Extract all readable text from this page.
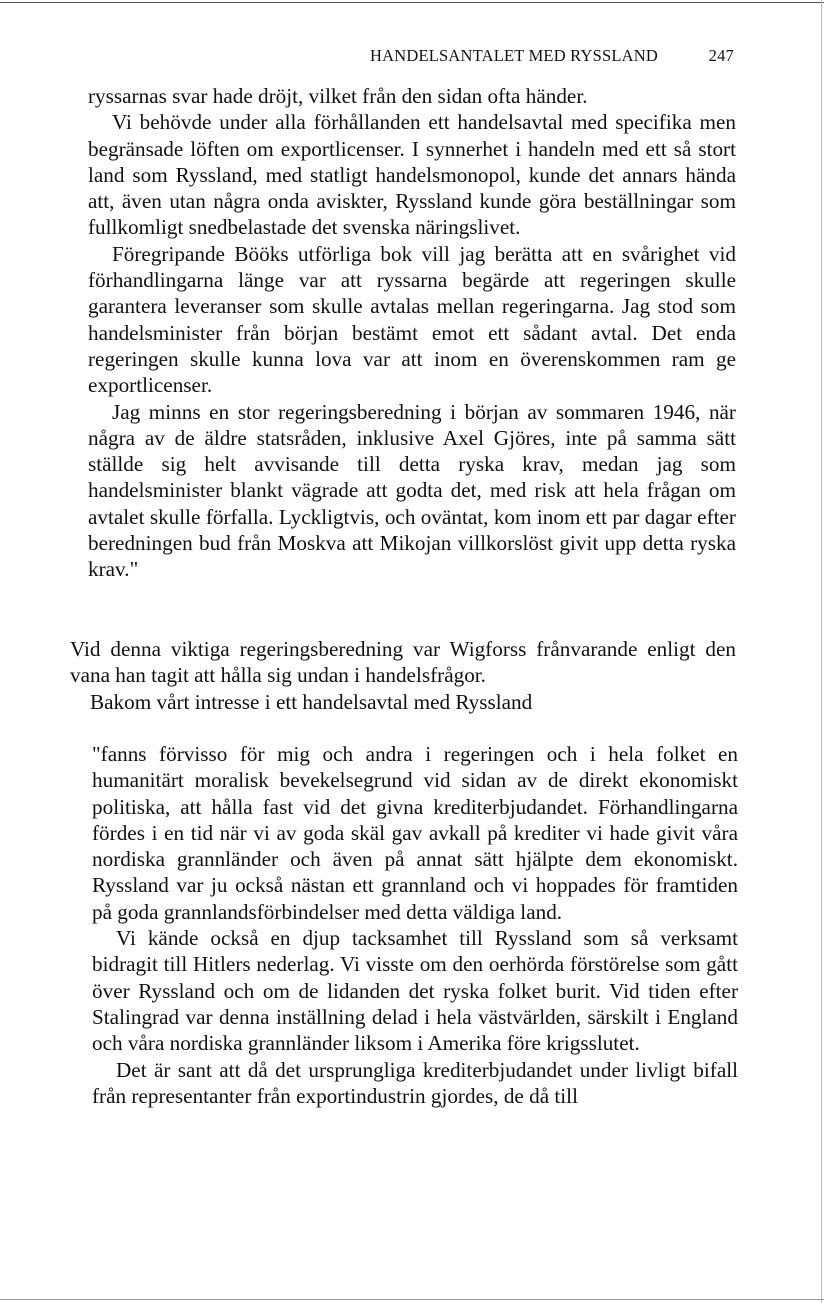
HANDELSANTALET MED RYSSLAND	247

ryssarnas svar hade dröjt, vilket från den sidan ofta händer.

Vi behövde under alla förhållanden ett handelsavtal med specifika men begränsade löften om exportlicenser. I synnerhet i handeln med ett så stort land som Ryssland, med statligt handelsmonopol, kunde det annars hända att, även utan några onda aviskter, Ryssland kunde göra beställningar som fullkomligt snedbelastade det svenska näringslivet.

Föregripande Bööks utförliga bok vill jag berätta att en svårighet vid förhandlingarna länge var att ryssarna begärde att regeringen skulle garantera leveranser som skulle avtalas mellan regeringarna. Jag stod som handelsminister från början bestämt emot ett sådant avtal. Det enda regeringen skulle kunna lova var att inom en överenskommen ram ge exportlicenser.

Jag minns en stor regeringsberedning i början av sommaren 1946, när några av de äldre statsråden, inklusive Axel Gjöres, inte på samma sätt ställde sig helt avvisande till detta ryska krav, medan jag som handelsminister blankt vägrade att godta det, med risk att hela frågan om avtalet skulle förfalla. Lyckligtvis, och oväntat, kom inom ett par dagar efter beredningen bud från Moskva att Mikojan villkorslöst givit upp detta ryska krav."

Vid denna viktiga regeringsberedning var Wigforss frånvarande enligt den vana han tagit att hålla sig undan i handelsfrågor.

Bakom vårt intresse i ett handelsavtal med Ryssland

"fanns förvisso för mig och andra i regeringen och i hela folket en humanitärt moralisk bevekelsegrund vid sidan av de direkt ekonomiskt politiska, att hålla fast vid det givna krediterbjudandet. Förhandlingarna fördes i en tid när vi av goda skäl gav avkall på krediter vi hade givit våra nordiska grannländer och även på annat sätt hjälpte dem ekonomiskt. Ryssland var ju också nästan ett grannland och vi hoppades för framtiden på goda grannlandsförbindelser med detta väldiga land.

Vi kände också en djup tacksamhet till Ryssland som så verksamt bidragit till Hitlers nederlag. Vi visste om den oerhörda förstörelse som gått över Ryssland och om de lidanden det ryska folket burit. Vid tiden efter Stalingrad var denna inställning delad i hela västvärlden, särskilt i England och våra nordiska grannländer liksom i Amerika före krigsslutet.

Det är sant att då det ursprungliga krediterbjudandet under livligt bifall från representanter från exportindustrin gjordes, de då till
